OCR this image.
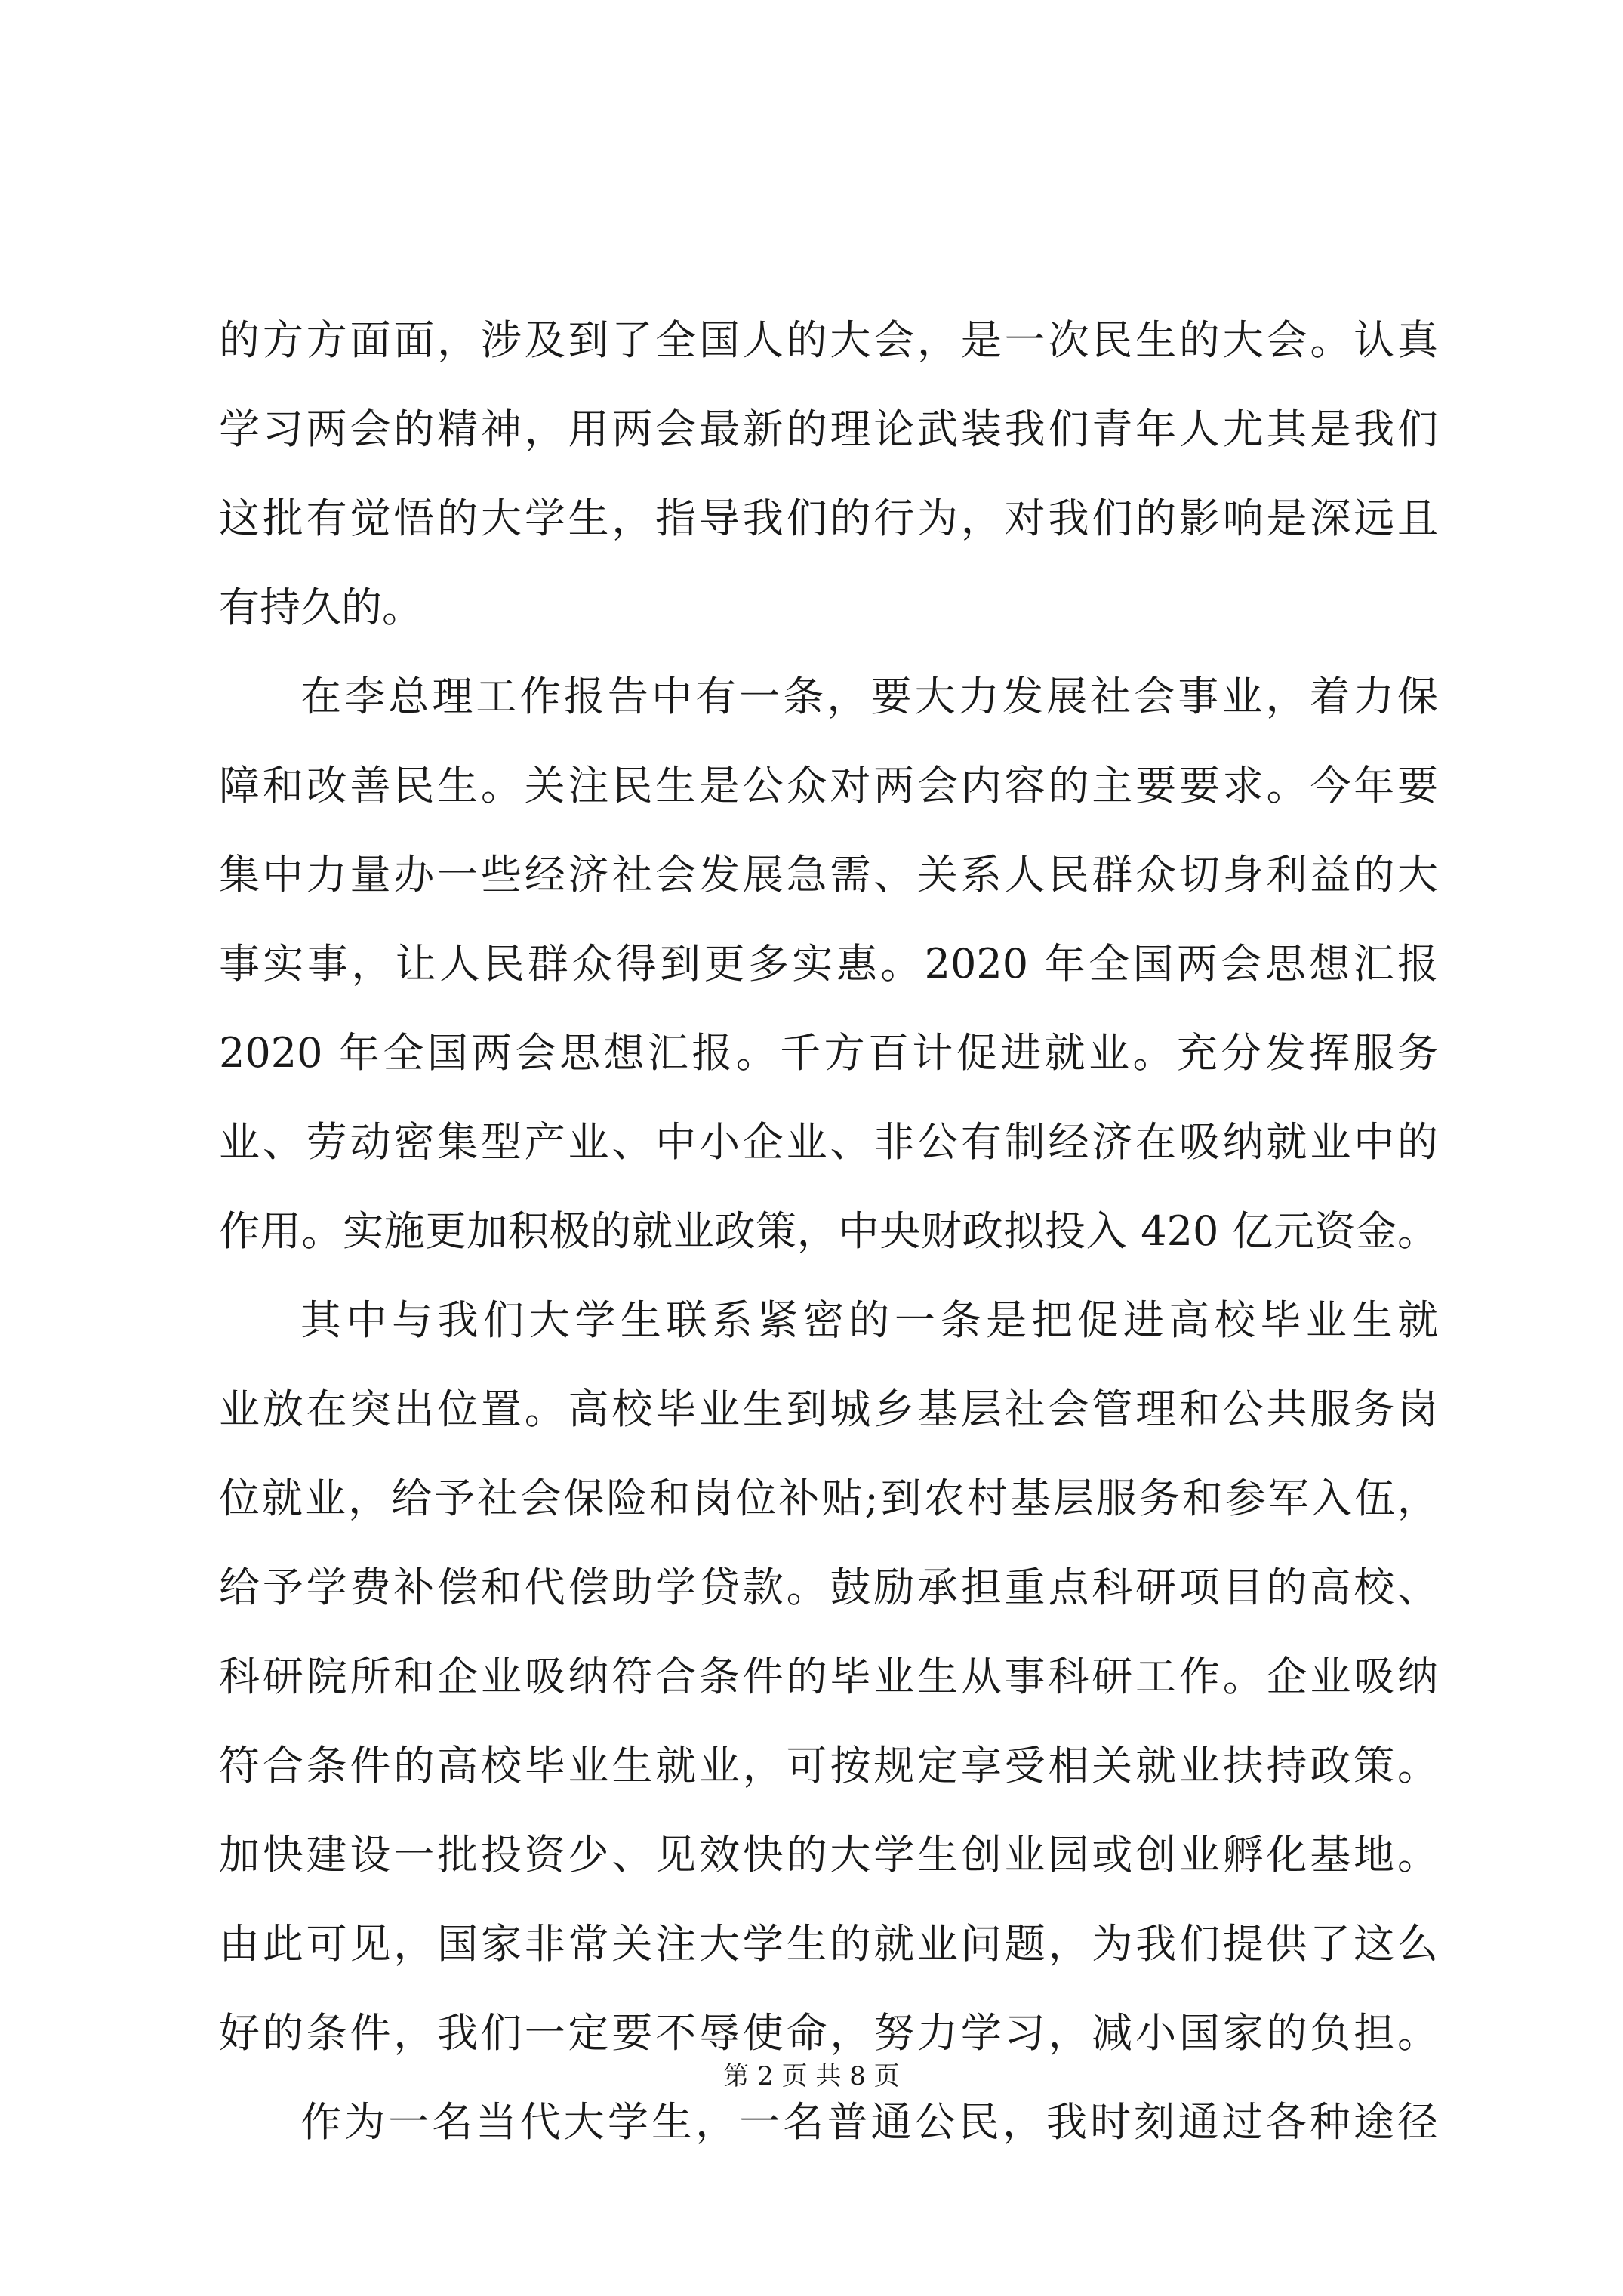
的方方面面，涉及到了全国人的大会，是一次民生的大会。认真
学习两会的精神，用两会最新的理论武装我们青年人尤其是我们
这批有觉悟的大学生，指导我们的行为，对我们的影响是深远且
有持久的。
在李总理工作报告中有一条，要大力发展社会事业，着力保
障和改善民生。关注民生是公众对两会内容的主要要求。今年要
集中力量办一些经济社会发展急需、关系人民群众切身利益的大
事实事，让人民群众得到更多实惠。2020 年全国两会思想汇报
2020 年全国两会思想汇报。千方百计促进就业。充分发挥服务
业、劳动密集型产业、中小企业、非公有制经济在吸纳就业中的
作用。实施更加积极的就业政策，中央财政拟投入 420 亿元资金。
其中与我们大学生联系紧密的一条是把促进高校毕业生就
业放在突出位置。高校毕业生到城乡基层社会管理和公共服务岗
位就业，给予社会保险和岗位补贴;到农村基层服务和参军入伍，
给予学费补偿和代偿助学贷款。鼓励承担重点科研项目的高校、
科研院所和企业吸纳符合条件的毕业生从事科研工作。企业吸纳
符合条件的高校毕业生就业，可按规定享受相关就业扶持政策。
加快建设一批投资少、见效快的大学生创业园或创业孵化基地。
由此可见，国家非常关注大学生的就业问题，为我们提供了这么
好的条件，我们一定要不辱使命，努力学习，减小国家的负担。
作为一名当代大学生，一名普通公民，我时刻通过各种途径
第 2 页 共 8 页
